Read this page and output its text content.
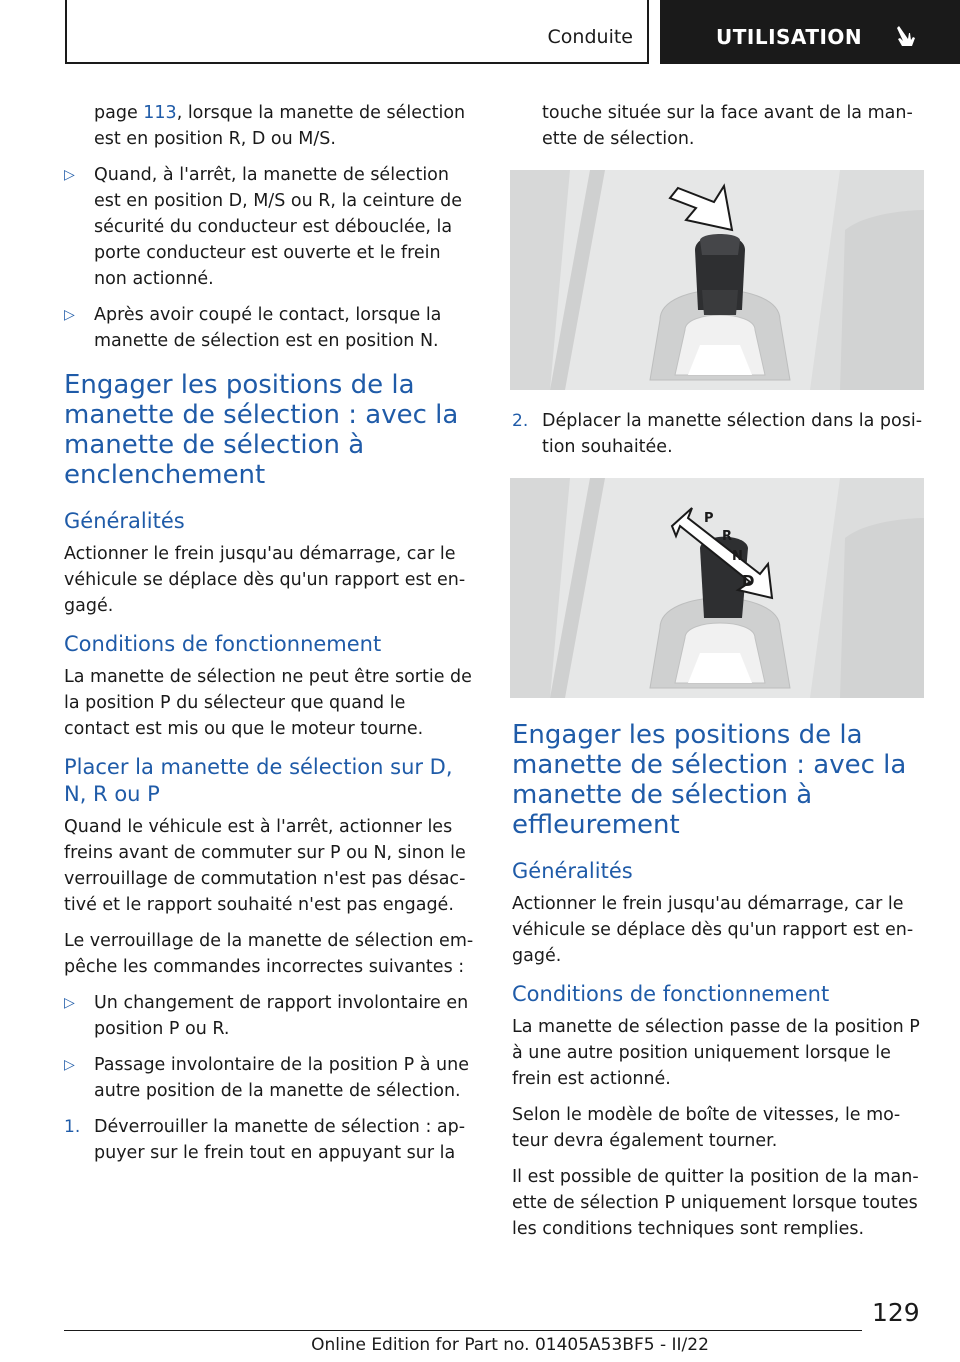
Conduite	UTILISATION

page 113, lorsque la manette de sélection est en position R, D ou M/S.

▷ Quand, à l'arrêt, la manette de sélection est en position D, M/S ou R, la ceinture de sécurité du conducteur est débouclée, la porte conducteur est ouverte et le frein non actionné.
▷ Après avoir coupé le contact, lorsque la manette de sélection est en position N.
Engager les positions de la manette de sélection : avec la manette de sélection à enclenchement
Généralités

Actionner le frein jusqu'au démarrage, car le véhicule se déplace dès qu'un rapport est engagé.

Conditions de fonctionnement

La manette de sélection ne peut être sortie de la position P du sélecteur que quand le contact est mis ou que le moteur tourne.

Placer la manette de sélection sur D, N, R ou P

Quand le véhicule est à l'arrêt, actionner les freins avant de commuter sur P ou N, sinon le verrouillage de commutation n'est pas désactivé et le rapport souhaité n'est pas engagé.

Le verrouillage de la manette de sélection empêche les commandes incorrectes suivantes :

▷ Un changement de rapport involontaire en position P ou R.
▷ Passage involontaire de la position P à une autre position de la manette de sélection.
1. Déverrouiller la manette de sélection : appuyer sur le frein tout en appuyant sur la

touche située sur la face avant de la manette de sélection.

2. Déplacer la manette sélection dans la position souhaitée.
P
R
N
D
Engager les positions de la manette de sélection : avec la manette de sélection à effleurement
Généralités

Actionner le frein jusqu'au démarrage, car le véhicule se déplace dès qu'un rapport est engagé.

Conditions de fonctionnement

La manette de sélection passe de la position P à une autre position uniquement lorsque le frein est actionné.

Selon le modèle de boîte de vitesses, le moteur devra également tourner.

Il est possible de quitter la position de la manette de sélection P uniquement lorsque toutes les conditions techniques sont remplies.

129
Online Edition for Part no. 01405A53BF5 - II/22
